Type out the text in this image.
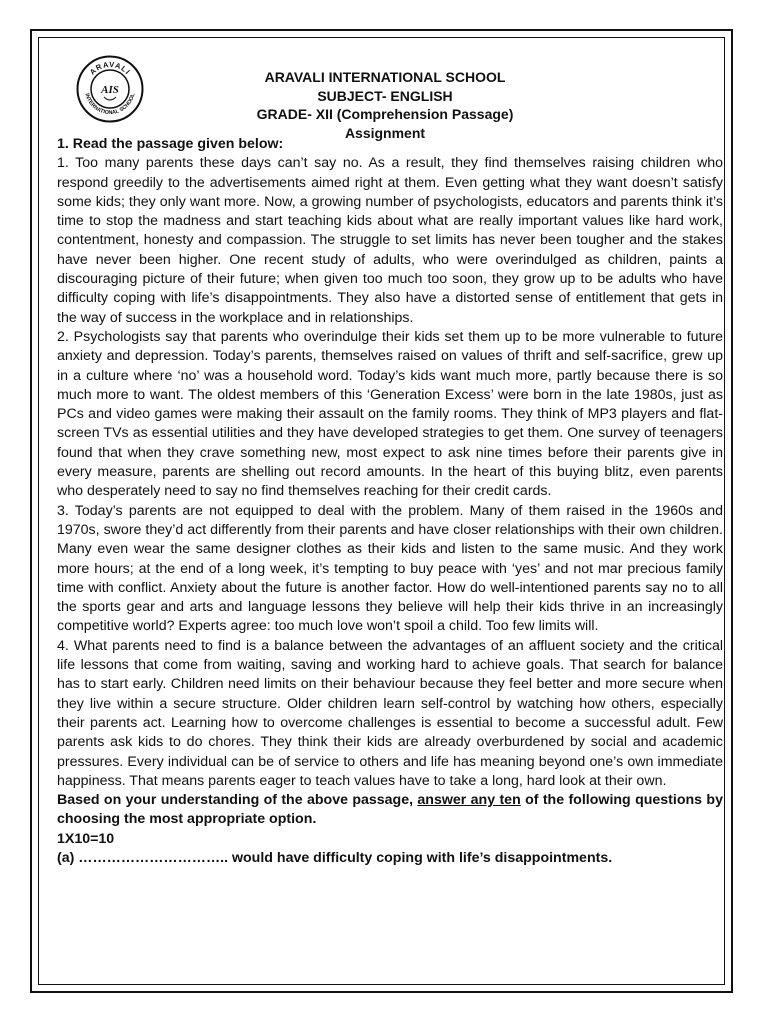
ARAVALI
INTERNATIONAL SCHOOL
AIS
ARAVALI INTERNATIONAL SCHOOL
SUBJECT- ENGLISH
GRADE- XII (Comprehension Passage)
Assignment

1. Read the passage given below:

1. Too many parents these days can’t say no. As a result, they find themselves raising children who respond greedily to the advertisements aimed right at them. Even getting what they want doesn’t satisfy some kids; they only want more. Now, a growing number of psychologists, educators and parents think it’s time to stop the madness and start teaching kids about what are really important values like hard work, contentment, honesty and compassion. The struggle to set limits has never been tougher and the stakes have never been higher. One recent study of adults, who were overindulged as children, paints a discouraging picture of their future; when given too much too soon, they grow up to be adults who have difficulty coping with life’s disappointments. They also have a distorted sense of entitlement that gets in the way of success in the workplace and in relationships.

2. Psychologists say that parents who overindulge their kids set them up to be more vulnerable to future anxiety and depression. Today’s parents, themselves raised on values of thrift and self-sacrifice, grew up in a culture where ‘no’ was a household word. Today’s kids want much more, partly because there is so much more to want. The oldest members of this ‘Generation Excess’ were born in the late 1980s, just as PCs and video games were making their assault on the family rooms. They think of MP3 players and flat-screen TVs as essential utilities and they have developed strategies to get them. One survey of teenagers found that when they crave something new, most expect to ask nine times before their parents give in every measure, parents are shelling out record amounts. In the heart of this buying blitz, even parents who desperately need to say no find themselves reaching for their credit cards.

3. Today’s parents are not equipped to deal with the problem. Many of them raised in the 1960s and 1970s, swore they’d act differently from their parents and have closer relationships with their own children. Many even wear the same designer clothes as their kids and listen to the same music. And they work more hours; at the end of a long week, it’s tempting to buy peace with ‘yes’ and not mar precious family time with conflict. Anxiety about the future is another factor. How do well-intentioned parents say no to all the sports gear and arts and language lessons they believe will help their kids thrive in an increasingly competitive world? Experts agree: too much love won’t spoil a child. Too few limits will.

4. What parents need to find is a balance between the advantages of an affluent society and the critical life lessons that come from waiting, saving and working hard to achieve goals. That search for balance has to start early. Children need limits on their behaviour because they feel better and more secure when they live within a secure structure. Older children learn self-control by watching how others, especially their parents act. Learning how to overcome challenges is essential to become a successful adult. Few parents ask kids to do chores. They think their kids are already overburdened by social and academic pressures. Every individual can be of service to others and life has meaning beyond one’s own immediate happiness. That means parents eager to teach values have to take a long, hard look at their own.

Based on your understanding of the above passage, answer any ten of the following questions by choosing the most appropriate option.

1X10=10

(a) ………………………….. would have difficulty coping with life’s disappointments.
